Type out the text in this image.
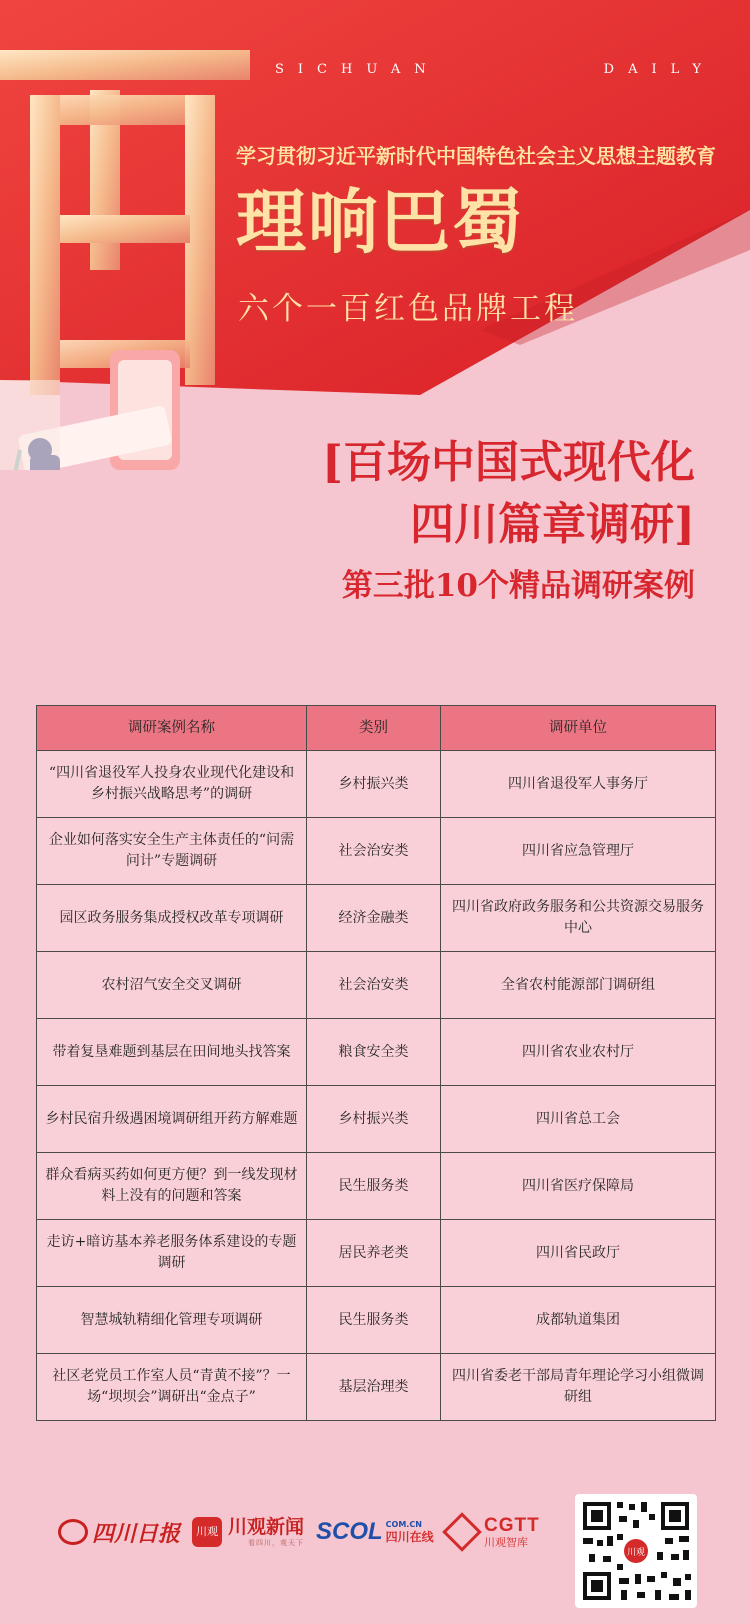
SICHUAN	DAILY
学习贯彻习近平新时代中国特色社会主义思想主题教育
理响巴蜀
六个一百红色品牌工程
[百场中国式现代化
四川篇章调研]
第三批10个精品调研案例
调研案例名称	类别	调研单位
“四川省退役军人投身农业现代化建设和乡村振兴战略思考”的调研	乡村振兴类	四川省退役军人事务厅
企业如何落实安全生产主体责任的“问需问计”专题调研	社会治安类	四川省应急管理厅
园区政务服务集成授权改革专项调研	经济金融类	四川省政府政务服务和公共资源交易服务中心
农村沼气安全交叉调研	社会治安类	全省农村能源部门调研组
带着复垦难题到基层在田间地头找答案	粮食安全类	四川省农业农村厅
乡村民宿升级遇困境调研组开药方解难题	乡村振兴类	四川省总工会
群众看病买药如何更方便？到一线发现材料上没有的问题和答案	民生服务类	四川省医疗保障局
走访+暗访基本养老服务体系建设的专题调研	居民养老类	四川省民政厅
智慧城轨精细化管理专项调研	民生服务类	成都轨道集团
社区老党员工作室人员“青黄不接”？一场“坝坝会”调研出“金点子”	基层治理类	四川省委老干部局青年理论学习小组微调研组
四川日报	川观 川观新闻
看四川，观天下 SCOL COM.CN
四川在线
CGTT
川观智库
川观
